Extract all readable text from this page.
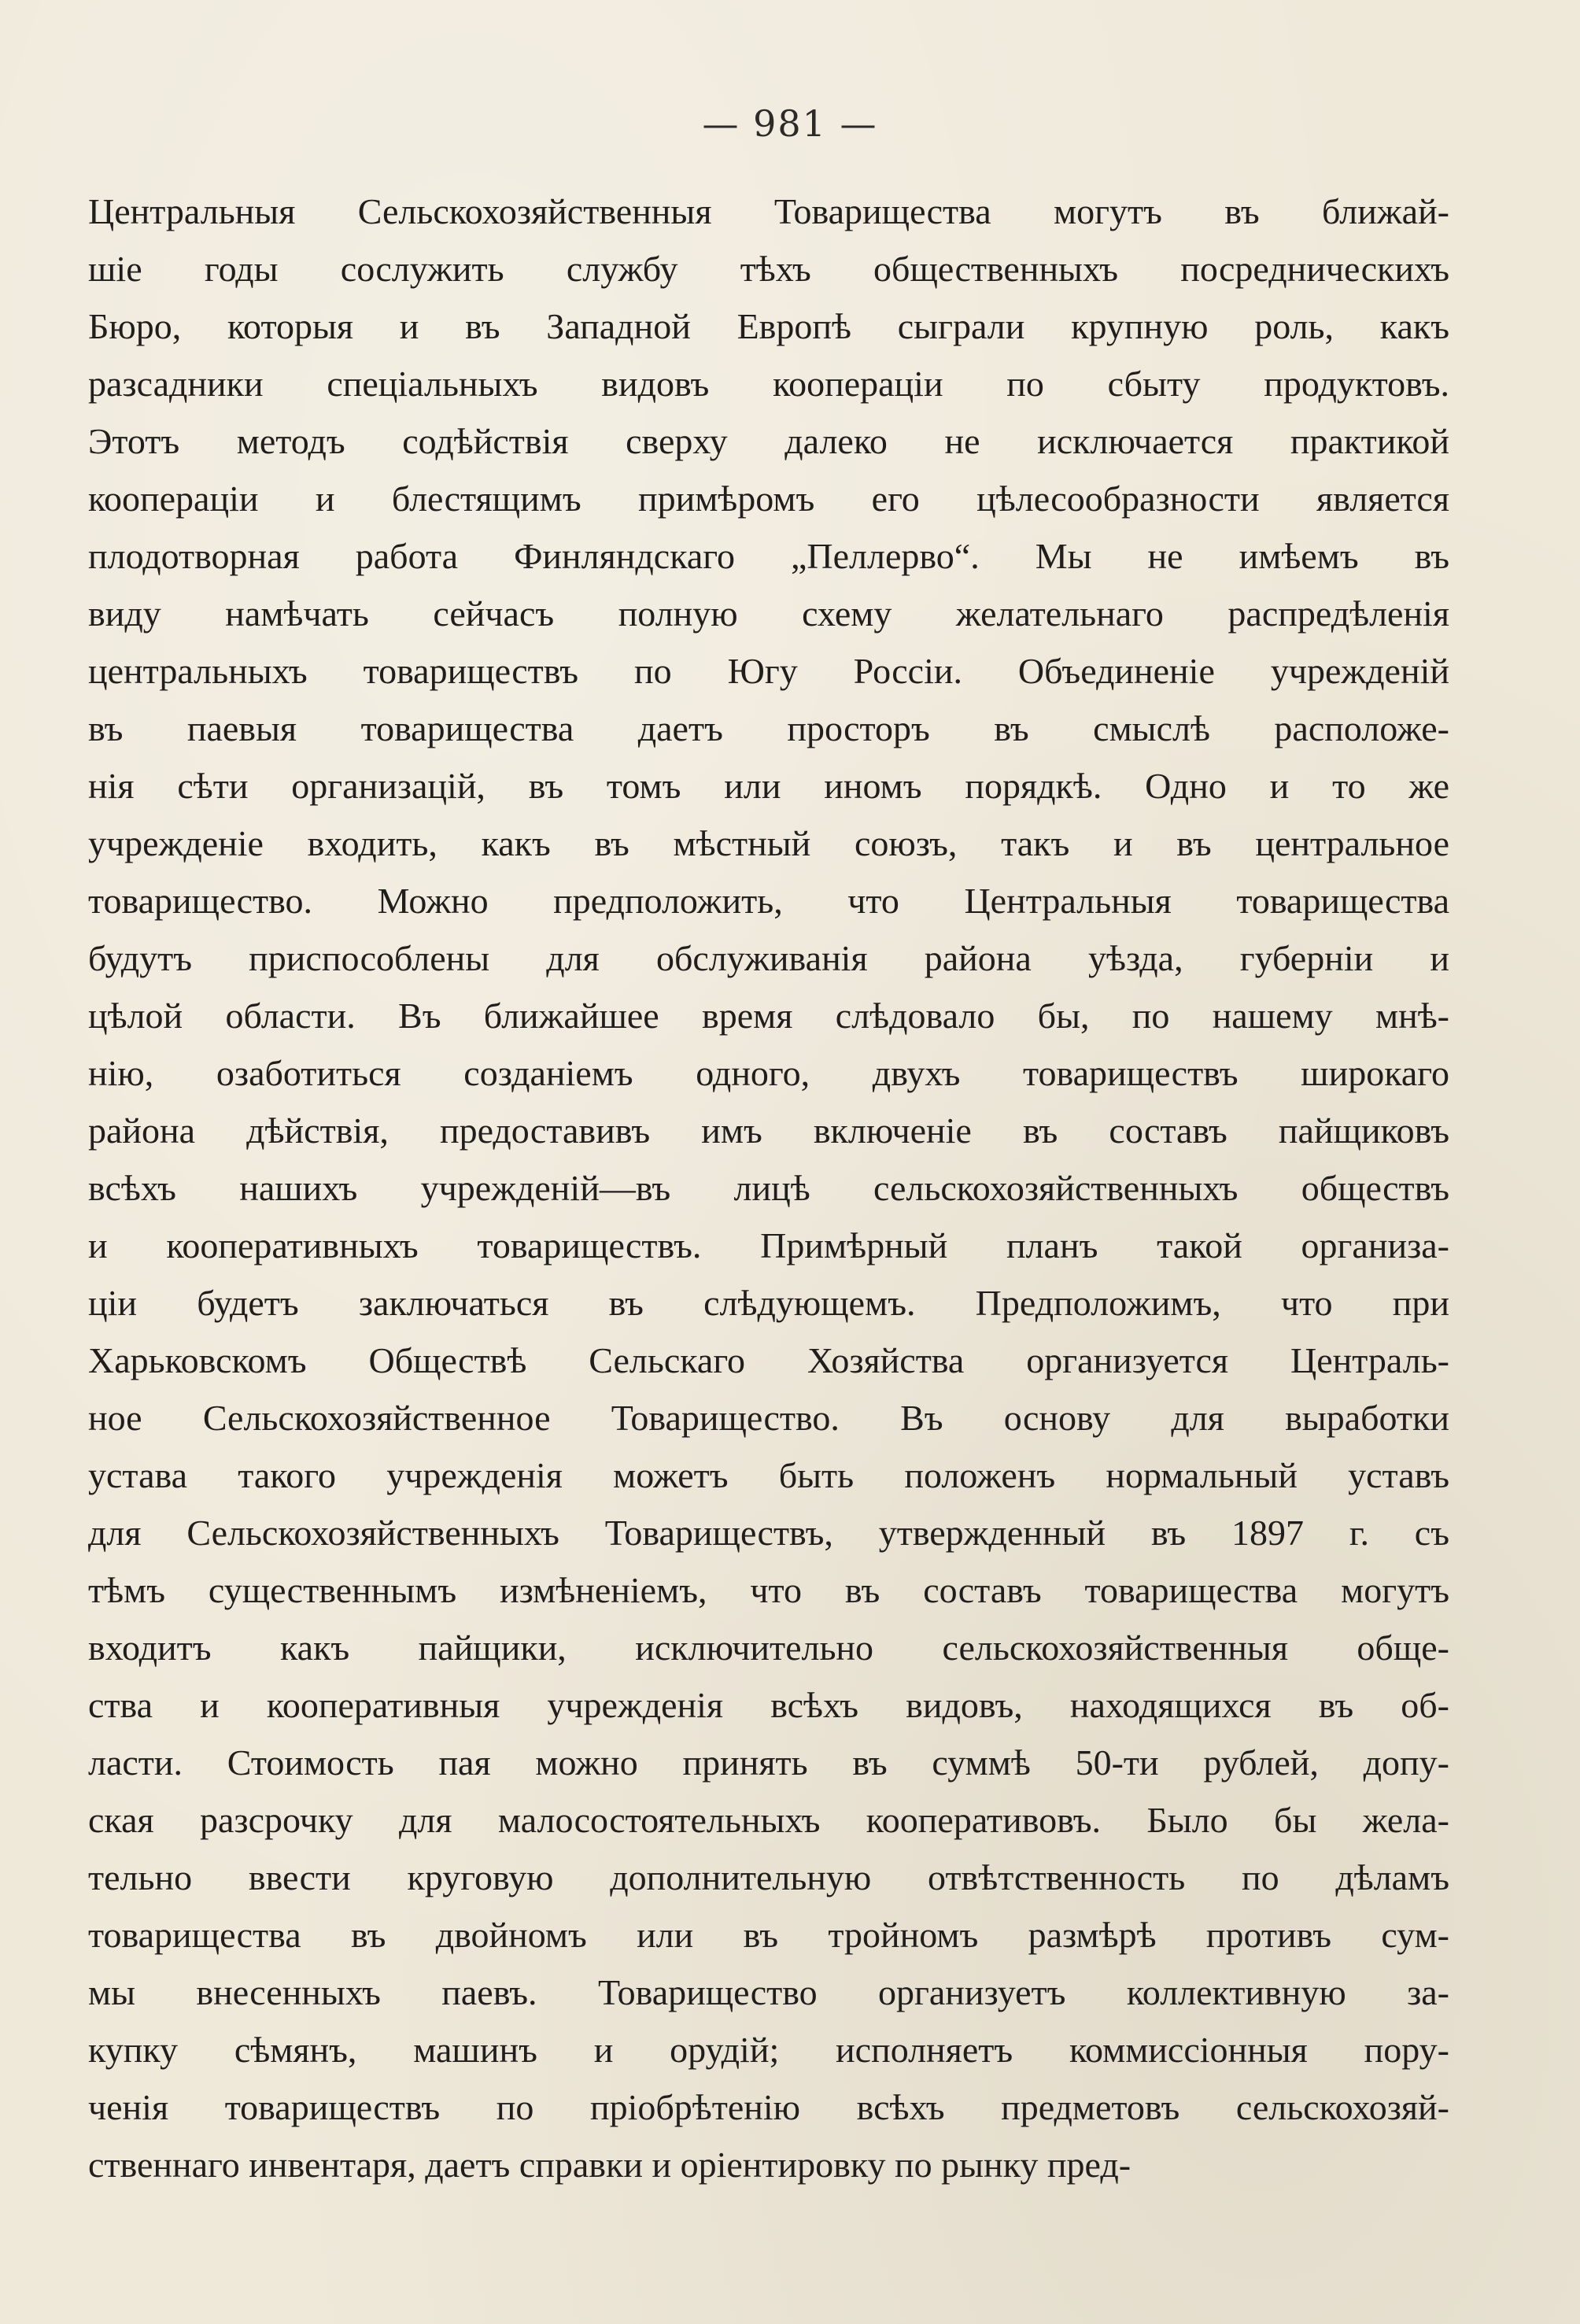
— 981 —
Центральныя Сельскохозяйственныя Товарищества могутъ въ ближай-
шіе годы сослужить службу тѣхъ общественныхъ посредническихъ
Бюро, которыя и въ Западной Европѣ сыграли крупную роль, какъ
разсадники спеціальныхъ видовъ коопераціи по сбыту продуктовъ.
Этотъ методъ содѣйствія сверху далеко не исключается практикой
коопераціи и блестящимъ примѣромъ его цѣлесообразности является
плодотворная работа Финляндскаго „Пеллерво“. Мы не имѣемъ въ
виду намѣчать сейчасъ полную схему желательнаго распредѣленія
центральныхъ товариществъ по Югу Россіи. Объединеніе учрежденій
въ паевыя товарищества даетъ просторъ въ смыслѣ расположе-
нія сѣти организацій, въ томъ или иномъ порядкѣ. Одно и то же
учрежденіе входить, какъ въ мѣстный союзъ, такъ и въ центральное
товарищество. Можно предположить, что Центральныя товарищества
будутъ приспособлены для обслуживанія района уѣзда, губерніи и
цѣлой области. Въ ближайшее время слѣдовало бы, по нашему мнѣ-
нію, озаботиться созданіемъ одного, двухъ товариществъ широкаго
района дѣйствія, предоставивъ имъ включеніе въ составъ пайщиковъ
всѣхъ нашихъ учрежденій—въ лицѣ сельскохозяйственныхъ обществъ
и кооперативныхъ товариществъ. Примѣрный планъ такой организа-
ціи будетъ заключаться въ слѣдующемъ. Предположимъ, что при
Харьковскомъ Обществѣ Сельскаго Хозяйства организуется Централь-
ное Сельскохозяйственное Товарищество. Въ основу для выработки
устава такого учрежденія можетъ быть положенъ нормальный уставъ
для Сельскохозяйственныхъ Товариществъ, утвержденный въ 1897 г. съ
тѣмъ существеннымъ измѣненіемъ, что въ составъ товарищества могутъ
входитъ какъ пайщики, исключительно сельскохозяйственныя обще-
ства и кооперативныя учрежденія всѣхъ видовъ, находящихся въ об-
ласти. Стоимость пая можно принять въ суммѣ 50-ти рублей, допу-
ская разсрочку для малосостоятельныхъ кооперативовъ. Было бы жела-
тельно ввести круговую дополнительную отвѣтственность по дѣламъ
товарищества въ двойномъ или въ тройномъ размѣрѣ противъ сум-
мы внесенныхъ паевъ. Товарищество организуетъ коллективную за-
купку сѣмянъ, машинъ и орудій; исполняетъ коммиссіонныя пору-
ченія товариществъ по пріобрѣтенію всѣхъ предметовъ сельскохозяй-
ственнаго инвентаря, даетъ справки и оріентировку по рынку пред-
